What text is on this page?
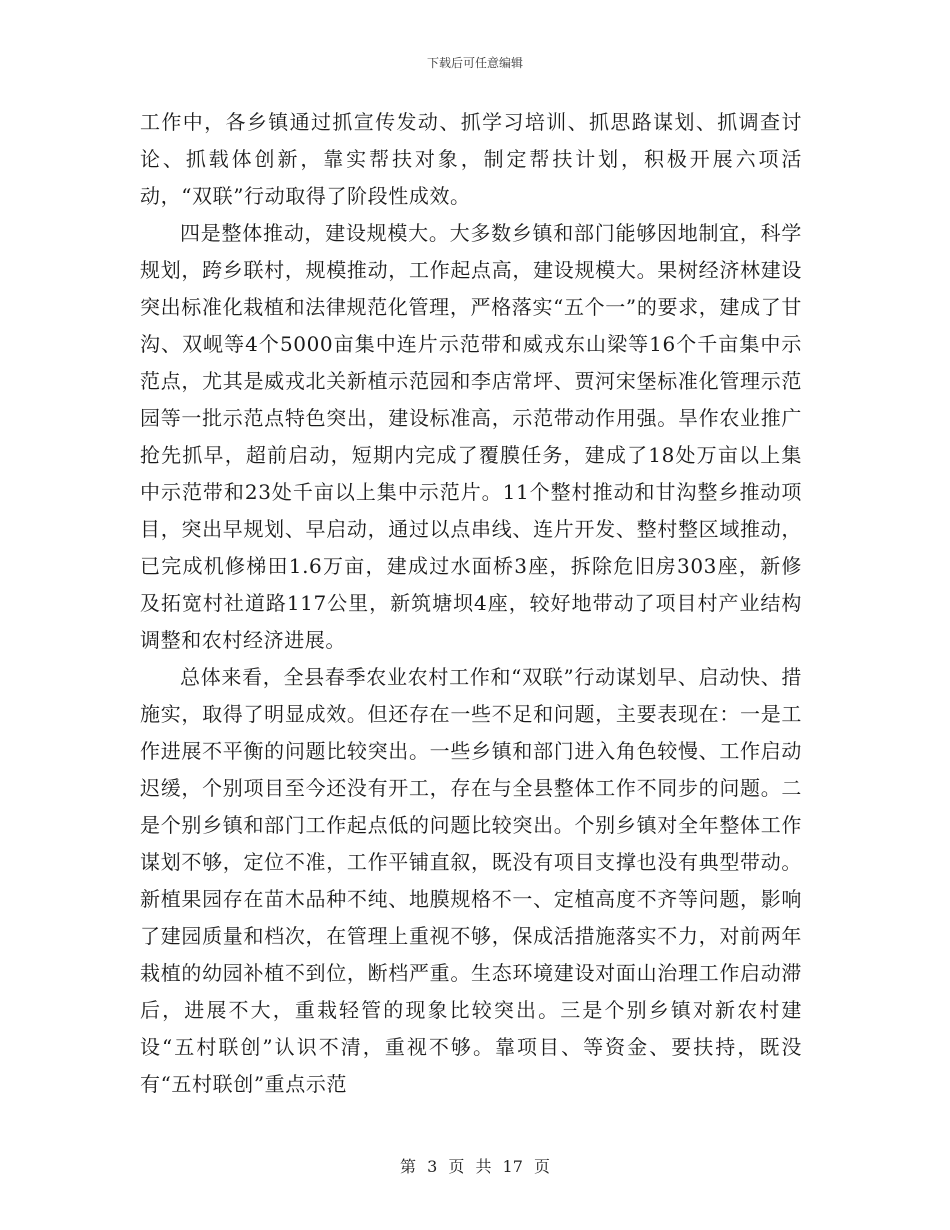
下载后可任意编辑

工作中，各乡镇通过抓宣传发动、抓学习培训、抓思路谋划、抓调查讨论、抓载体创新，靠实帮扶对象，制定帮扶计划，积极开展六项活动，“双联”行动取得了阶段性成效。

四是整体推动，建设规模大。大多数乡镇和部门能够因地制宜，科学规划，跨乡联村，规模推动，工作起点高，建设规模大。果树经济林建设突出标准化栽植和法律规范化管理，严格落实“五个一”的要求，建成了甘沟、双岘等4个5000亩集中连片示范带和威戎东山梁等16个千亩集中示范点，尤其是威戎北关新植示范园和李店常坪、贾河宋堡标准化管理示范园等一批示范点特色突出，建设标准高，示范带动作用强。旱作农业推广抢先抓早，超前启动，短期内完成了覆膜任务，建成了18处万亩以上集中示范带和23处千亩以上集中示范片。11个整村推动和甘沟整乡推动项目，突出早规划、早启动，通过以点串线、连片开发、整村整区域推动，已完成机修梯田1.6万亩，建成过水面桥3座，拆除危旧房303座，新修及拓宽村社道路117公里，新筑塘坝4座，较好地带动了项目村产业结构调整和农村经济进展。

总体来看，全县春季农业农村工作和“双联”行动谋划早、启动快、措施实，取得了明显成效。但还存在一些不足和问题，主要表现在：一是工作进展不平衡的问题比较突出。一些乡镇和部门进入角色较慢、工作启动迟缓，个别项目至今还没有开工，存在与全县整体工作不同步的问题。二是个别乡镇和部门工作起点低的问题比较突出。个别乡镇对全年整体工作谋划不够，定位不准，工作平铺直叙，既没有项目支撑也没有典型带动。新植果园存在苗木品种不纯、地膜规格不一、定植高度不齐等问题，影响了建园质量和档次，在管理上重视不够，保成活措施落实不力，对前两年栽植的幼园补植不到位，断档严重。生态环境建设对面山治理工作启动滞后，进展不大，重栽轻管的现象比较突出。三是个别乡镇对新农村建设“五村联创”认识不清，重视不够。靠项目、等资金、要扶持，既没有“五村联创”重点示范

第 3 页 共 17 页
